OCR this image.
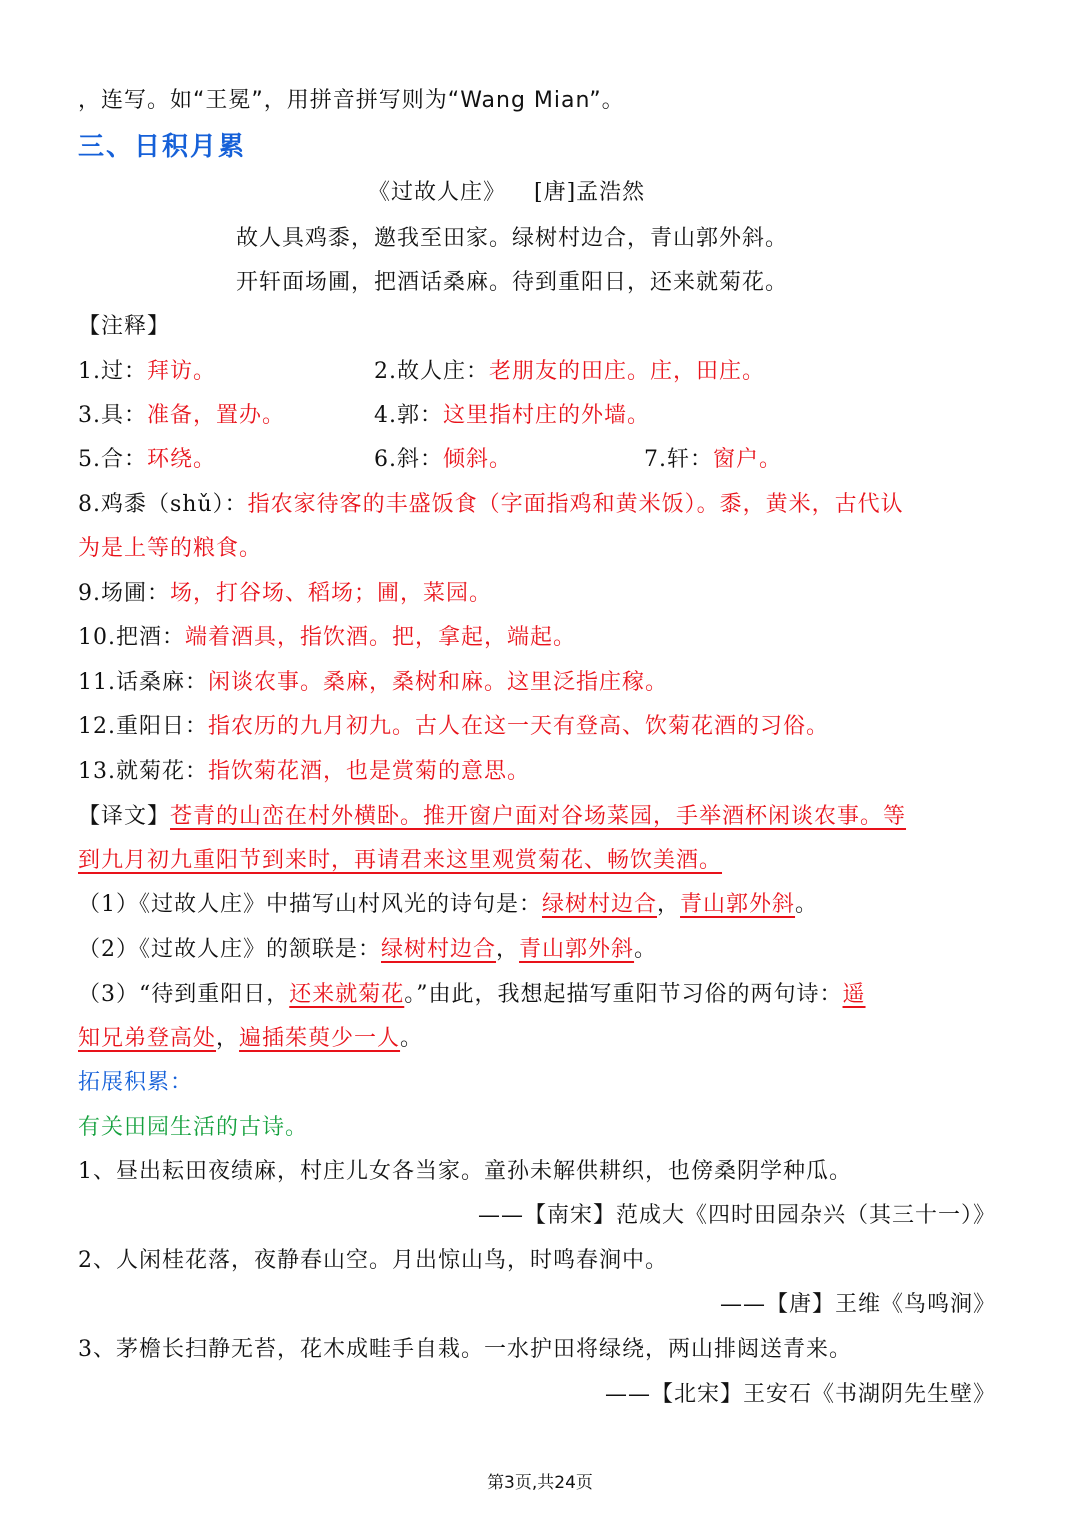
，连写。如“王冕”，用拼音拼写则为“Wang Mian”。
三、日积月累
《过故人庄》 [唐]孟浩然
故人具鸡黍，邀我至田家。绿树村边合，青山郭外斜。
开轩面场圃，把酒话桑麻。待到重阳日，还来就菊花。
【注释】
1.过：拜访。	2.故人庄：老朋友的田庄。庄，田庄。
3.具：准备，置办。	4.郭：这里指村庄的外墙。
5.合：环绕。	6.斜：倾斜。	7.轩：窗户。
8.鸡黍（shǔ）：指农家待客的丰盛饭食（字面指鸡和黄米饭）。黍，黄米，古代认
为是上等的粮食。
9.场圃：场，打谷场、稻场；圃，菜园。
10.把酒：端着酒具，指饮酒。把，拿起，端起。
11.话桑麻：闲谈农事。桑麻，桑树和麻。这里泛指庄稼。
12.重阳日：指农历的九月初九。古人在这一天有登高、饮菊花酒的习俗。
13.就菊花：指饮菊花酒，也是赏菊的意思。
【译文】苍青的山峦在村外横卧。推开窗户面对谷场菜园，手举酒杯闲谈农事。等
到九月初九重阳节到来时，再请君来这里观赏菊花、畅饮美酒。
（1）《过故人庄》中描写山村风光的诗句是：绿树村边合，青山郭外斜。
（2）《过故人庄》的颔联是：绿树村边合，青山郭外斜。
（3）“待到重阳日，还来就菊花。”由此，我想起描写重阳节习俗的两句诗：遥
知兄弟登高处，遍插茱萸少一人。
拓展积累：
有关田园生活的古诗。
1、昼出耘田夜绩麻，村庄儿女各当家。童孙未解供耕织，也傍桑阴学种瓜。
——【南宋】范成大《四时田园杂兴（其三十一）》
2、人闲桂花落，夜静春山空。月出惊山鸟，时鸣春涧中。
——【唐】王维《鸟鸣涧》
3、茅檐长扫静无苔，花木成畦手自栽。一水护田将绿绕，两山排闼送青来。
——【北宋】王安石《书湖阴先生壁》
第3页,共24页
